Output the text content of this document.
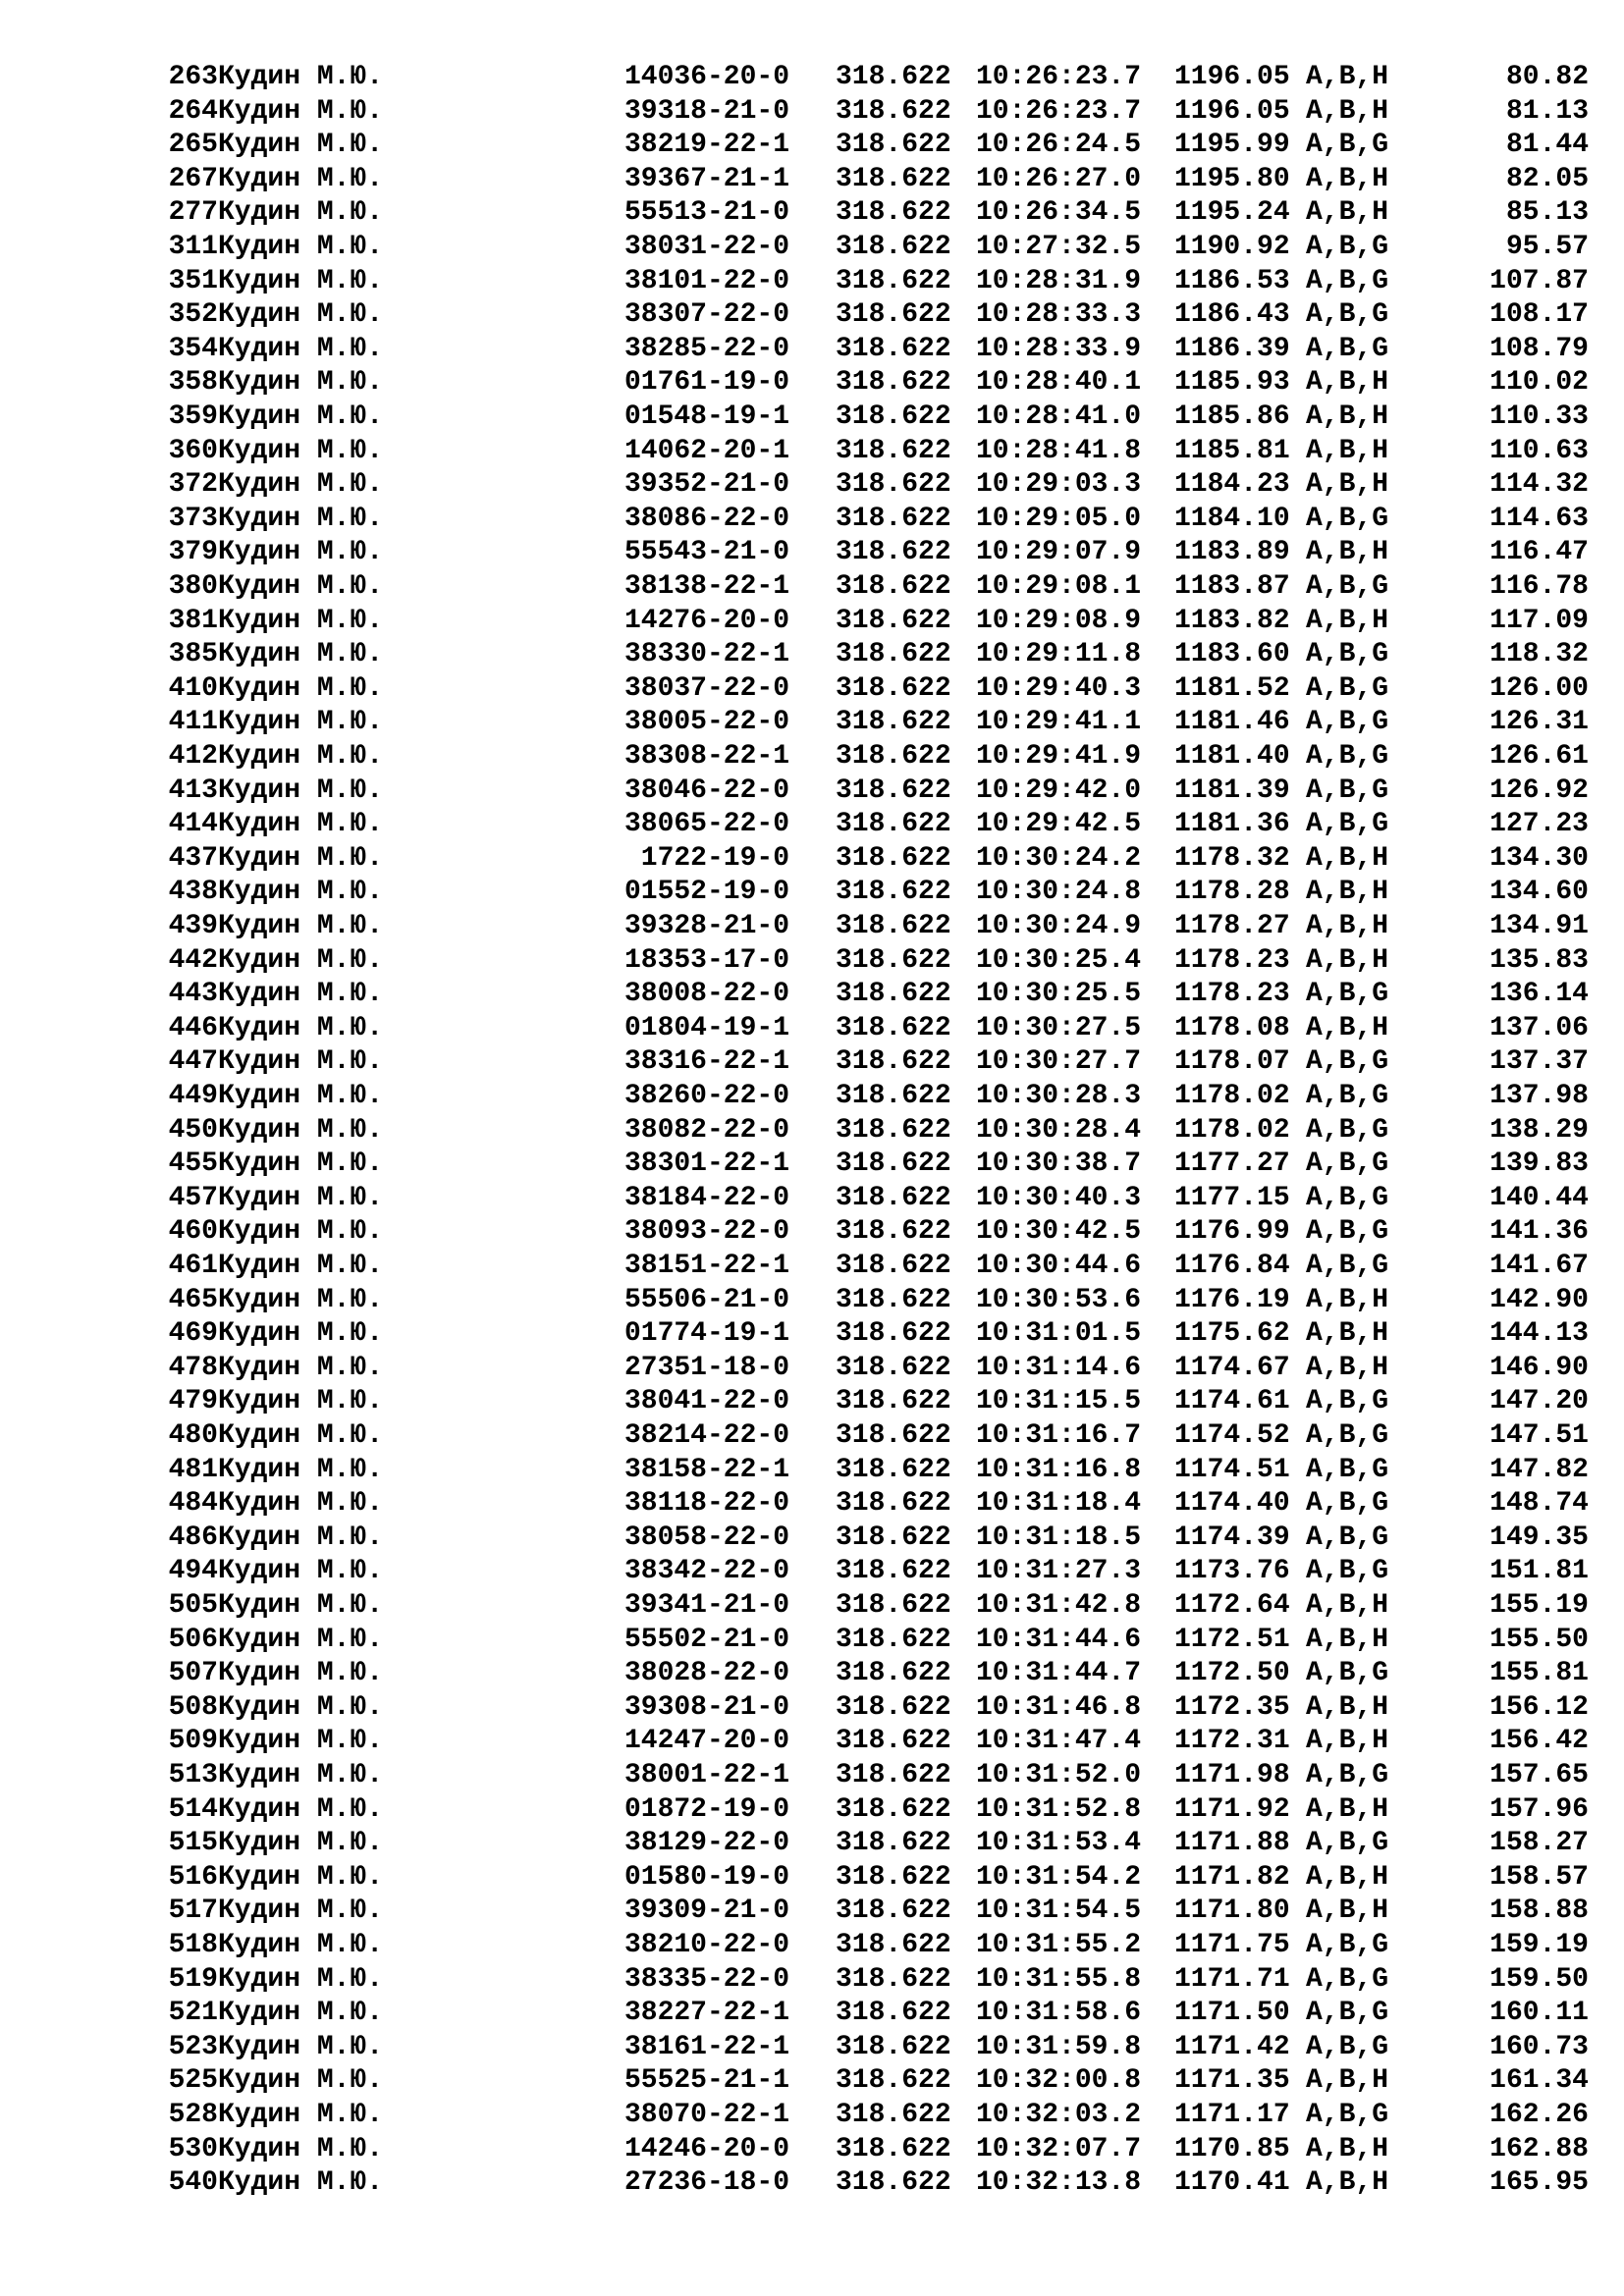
263 Кудин М.Ю.	14036-20-0 318.622 10:26:23.7 1196.05 A,B,H	80.82
264 Кудин М.Ю.	39318-21-0 318.622 10:26:23.7 1196.05 A,B,H	81.13
265 Кудин М.Ю.	38219-22-1 318.622 10:26:24.5 1195.99 A,B,G	81.44
267 Кудин М.Ю.	39367-21-1 318.622 10:26:27.0 1195.80 A,B,H	82.05
277 Кудин М.Ю.	55513-21-0 318.622 10:26:34.5 1195.24 A,B,H	85.13
311 Кудин М.Ю.	38031-22-0 318.622 10:27:32.5 1190.92 A,B,G	95.57
351 Кудин М.Ю.	38101-22-0 318.622 10:28:31.9 1186.53 A,B,G	107.87
352 Кудин М.Ю.	38307-22-0 318.622 10:28:33.3 1186.43 A,B,G	108.17
354 Кудин М.Ю.	38285-22-0 318.622 10:28:33.9 1186.39 A,B,G	108.79
358 Кудин М.Ю.	01761-19-0 318.622 10:28:40.1 1185.93 A,B,H	110.02
359 Кудин М.Ю.	01548-19-1 318.622 10:28:41.0 1185.86 A,B,H	110.33
360 Кудин М.Ю.	14062-20-1 318.622 10:28:41.8 1185.81 A,B,H	110.63
372 Кудин М.Ю.	39352-21-0 318.622 10:29:03.3 1184.23 A,B,H	114.32
373 Кудин М.Ю.	38086-22-0 318.622 10:29:05.0 1184.10 A,B,G	114.63
379 Кудин М.Ю.	55543-21-0 318.622 10:29:07.9 1183.89 A,B,H	116.47
380 Кудин М.Ю.	38138-22-1 318.622 10:29:08.1 1183.87 A,B,G	116.78
381 Кудин М.Ю.	14276-20-0 318.622 10:29:08.9 1183.82 A,B,H	117.09
385 Кудин М.Ю.	38330-22-1 318.622 10:29:11.8 1183.60 A,B,G	118.32
410 Кудин М.Ю.	38037-22-0 318.622 10:29:40.3 1181.52 A,B,G	126.00
411 Кудин М.Ю.	38005-22-0 318.622 10:29:41.1 1181.46 A,B,G	126.31
412 Кудин М.Ю.	38308-22-1 318.622 10:29:41.9 1181.40 A,B,G	126.61
413 Кудин М.Ю.	38046-22-0 318.622 10:29:42.0 1181.39 A,B,G	126.92
414 Кудин М.Ю.	38065-22-0 318.622 10:29:42.5 1181.36 A,B,G	127.23
437 Кудин М.Ю.	1722-19-0 318.622 10:30:24.2 1178.32 A,B,H	134.30
438 Кудин М.Ю.	01552-19-0 318.622 10:30:24.8 1178.28 A,B,H	134.60
439 Кудин М.Ю.	39328-21-0 318.622 10:30:24.9 1178.27 A,B,H	134.91
442 Кудин М.Ю.	18353-17-0 318.622 10:30:25.4 1178.23 A,B,H	135.83
443 Кудин М.Ю.	38008-22-0 318.622 10:30:25.5 1178.23 A,B,G	136.14
446 Кудин М.Ю.	01804-19-1 318.622 10:30:27.5 1178.08 A,B,H	137.06
447 Кудин М.Ю.	38316-22-1 318.622 10:30:27.7 1178.07 A,B,G	137.37
449 Кудин М.Ю.	38260-22-0 318.622 10:30:28.3 1178.02 A,B,G	137.98
450 Кудин М.Ю.	38082-22-0 318.622 10:30:28.4 1178.02 A,B,G	138.29
455 Кудин М.Ю.	38301-22-1 318.622 10:30:38.7 1177.27 A,B,G	139.83
457 Кудин М.Ю.	38184-22-0 318.622 10:30:40.3 1177.15 A,B,G	140.44
460 Кудин М.Ю.	38093-22-0 318.622 10:30:42.5 1176.99 A,B,G	141.36
461 Кудин М.Ю.	38151-22-1 318.622 10:30:44.6 1176.84 A,B,G	141.67
465 Кудин М.Ю.	55506-21-0 318.622 10:30:53.6 1176.19 A,B,H	142.90
469 Кудин М.Ю.	01774-19-1 318.622 10:31:01.5 1175.62 A,B,H	144.13
478 Кудин М.Ю.	27351-18-0 318.622 10:31:14.6 1174.67 A,B,H	146.90
479 Кудин М.Ю.	38041-22-0 318.622 10:31:15.5 1174.61 A,B,G	147.20
480 Кудин М.Ю.	38214-22-0 318.622 10:31:16.7 1174.52 A,B,G	147.51
481 Кудин М.Ю.	38158-22-1 318.622 10:31:16.8 1174.51 A,B,G	147.82
484 Кудин М.Ю.	38118-22-0 318.622 10:31:18.4 1174.40 A,B,G	148.74
486 Кудин М.Ю.	38058-22-0 318.622 10:31:18.5 1174.39 A,B,G	149.35
494 Кудин М.Ю.	38342-22-0 318.622 10:31:27.3 1173.76 A,B,G	151.81
505 Кудин М.Ю.	39341-21-0 318.622 10:31:42.8 1172.64 A,B,H	155.19
506 Кудин М.Ю.	55502-21-0 318.622 10:31:44.6 1172.51 A,B,H	155.50
507 Кудин М.Ю.	38028-22-0 318.622 10:31:44.7 1172.50 A,B,G	155.81
508 Кудин М.Ю.	39308-21-0 318.622 10:31:46.8 1172.35 A,B,H	156.12
509 Кудин М.Ю.	14247-20-0 318.622 10:31:47.4 1172.31 A,B,H	156.42
513 Кудин М.Ю.	38001-22-1 318.622 10:31:52.0 1171.98 A,B,G	157.65
514 Кудин М.Ю.	01872-19-0 318.622 10:31:52.8 1171.92 A,B,H	157.96
515 Кудин М.Ю.	38129-22-0 318.622 10:31:53.4 1171.88 A,B,G	158.27
516 Кудин М.Ю.	01580-19-0 318.622 10:31:54.2 1171.82 A,B,H	158.57
517 Кудин М.Ю.	39309-21-0 318.622 10:31:54.5 1171.80 A,B,H	158.88
518 Кудин М.Ю.	38210-22-0 318.622 10:31:55.2 1171.75 A,B,G	159.19
519 Кудин М.Ю.	38335-22-0 318.622 10:31:55.8 1171.71 A,B,G	159.50
521 Кудин М.Ю.	38227-22-1 318.622 10:31:58.6 1171.50 A,B,G	160.11
523 Кудин М.Ю.	38161-22-1 318.622 10:31:59.8 1171.42 A,B,G	160.73
525 Кудин М.Ю.	55525-21-1 318.622 10:32:00.8 1171.35 A,B,H	161.34
528 Кудин М.Ю.	38070-22-1 318.622 10:32:03.2 1171.17 A,B,G	162.26
530 Кудин М.Ю.	14246-20-0 318.622 10:32:07.7 1170.85 A,B,H	162.88
540 Кудин М.Ю.	27236-18-0 318.622 10:32:13.8 1170.41 A,B,H	165.95
